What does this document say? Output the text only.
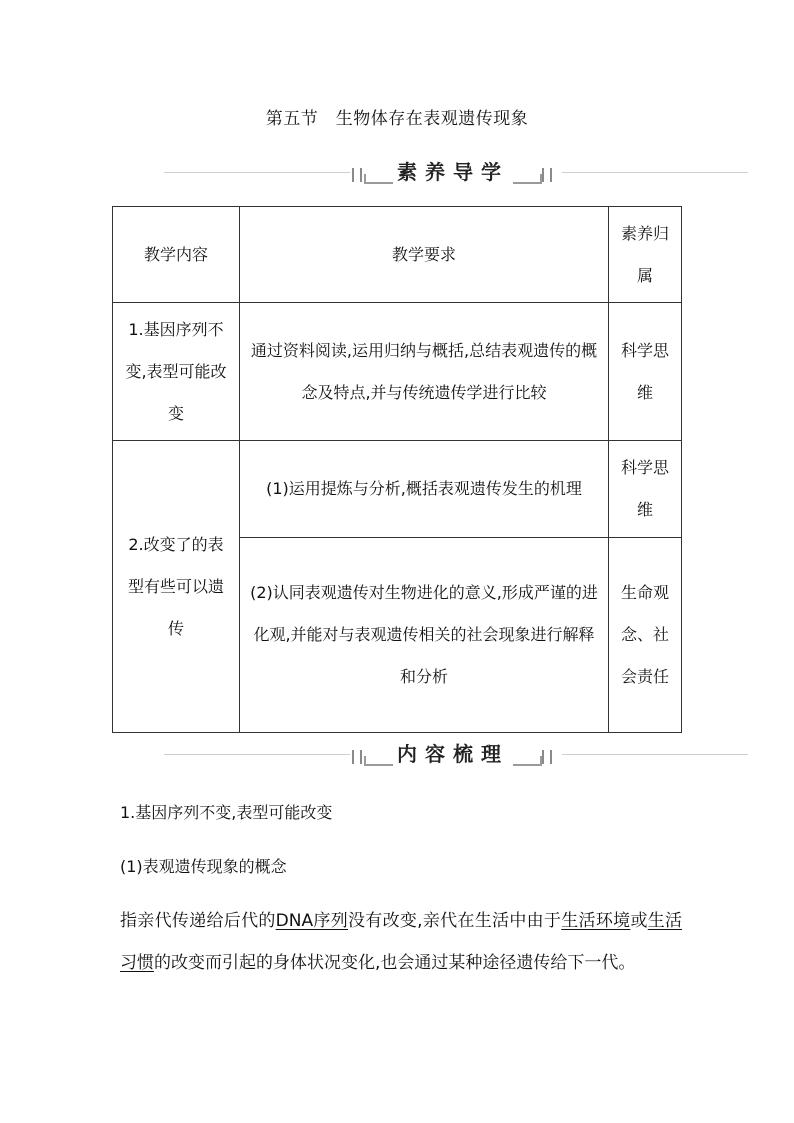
第五节　生物体存在表观遗传现象
素养导学
教学内容	教学要求	素养归属
1.基因序列不变,表型可能改变	通过资料阅读,运用归纳与概括,总结表观遗传的概念及特点,并与传统遗传学进行比较	科学思维
2.改变了的表型有些可以遗传	(1)运用提炼与分析,概括表观遗传发生的机理	科学思维
	(2)认同表观遗传对生物进化的意义,形成严谨的进化观,并能对与表观遗传相关的社会现象进行解释和分析	生命观念、社会责任
内容梳理
1.基因序列不变,表型可能改变
(1)表观遗传现象的概念
指亲代传递给后代的DNA序列没有改变,亲代在生活中由于生活环境或生活习惯的改变而引起的身体状况变化,也会通过某种途径遗传给下一代。
